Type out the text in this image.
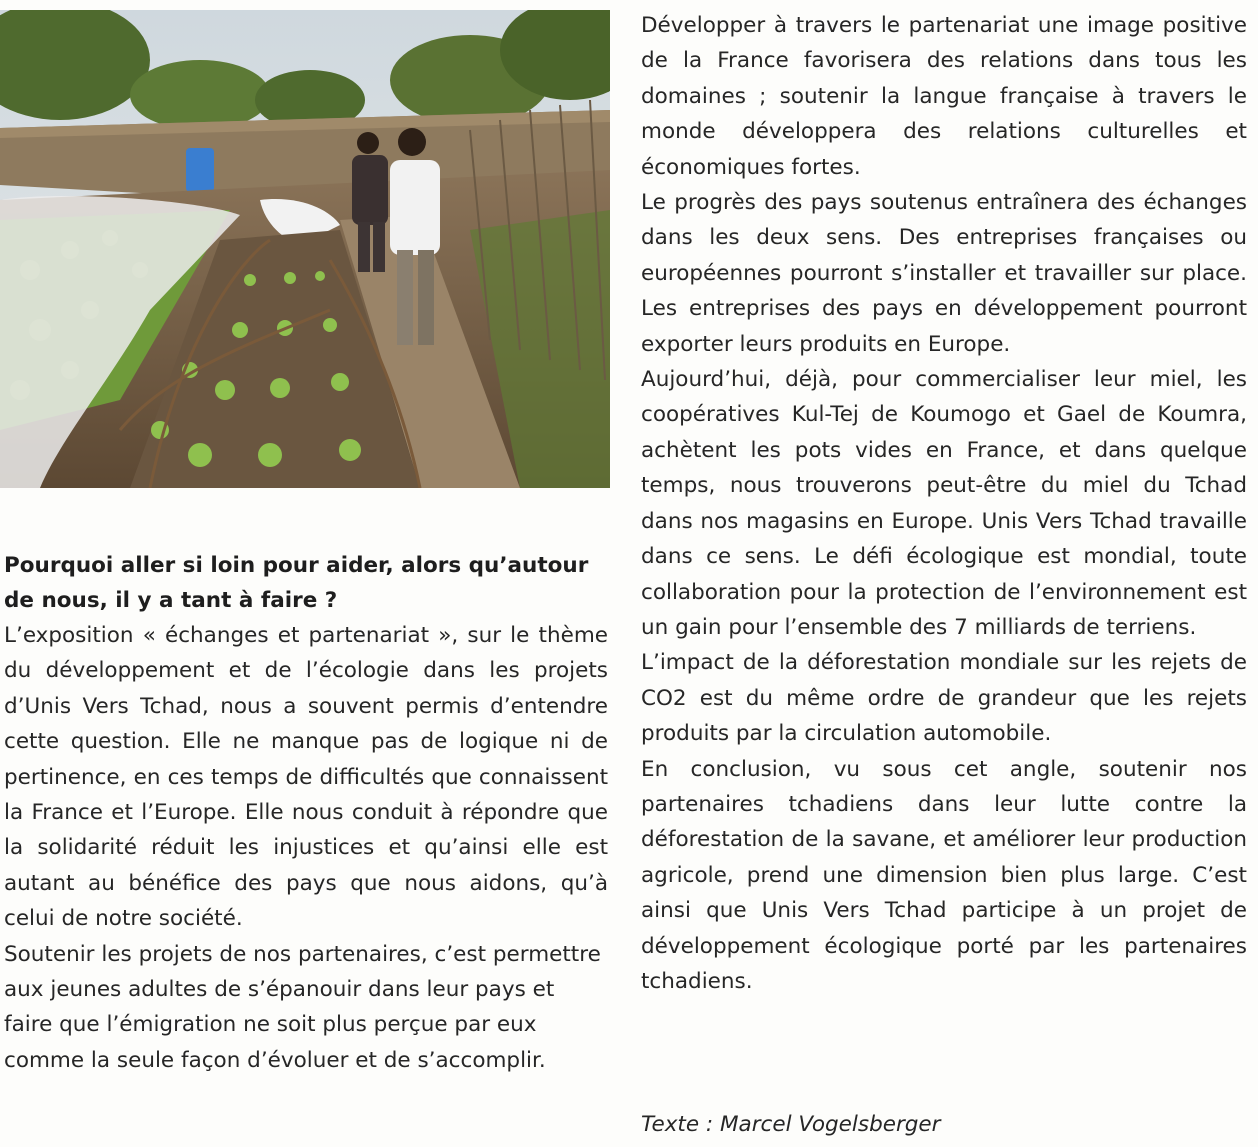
Pourquoi aller si loin pour aider, alors qu’autour de nous, il y a tant à faire ?

L’exposition « échanges et partenariat », sur le thème du développement et de l’écologie dans les projets d’Unis Vers Tchad, nous a souvent permis d’entendre cette question. Elle ne manque pas de logique ni de pertinence, en ces temps de difficultés que connaissent la France et l’Europe. Elle nous conduit à répondre que la solidarité réduit les injustices et qu’ainsi elle est autant au bénéfice des pays que nous aidons, qu’à celui de notre société.

Soutenir les projets de nos partenaires, c’est permettre aux jeunes adultes de s’épanouir dans leur pays et faire que l’émigration ne soit plus perçue par eux comme la seule façon d’évoluer et de s’accomplir.

Développer à travers le partenariat une image positive de la France favorisera des relations dans tous les domaines ; soutenir la langue française à travers le monde développera des relations culturelles et économiques fortes.

Le progrès des pays soutenus entraînera des échanges dans les deux sens. Des entreprises françaises ou européennes pourront s’installer et travailler sur place. Les entreprises des pays en développement pourront exporter leurs produits en Europe.

Aujourd’hui, déjà, pour commercialiser leur miel, les coopératives Kul-Tej de Koumogo et Gael de Koumra, achètent les pots vides en France, et dans quelque temps, nous trouverons peut-être du miel du Tchad dans nos magasins en Europe. Unis Vers Tchad travaille dans ce sens. Le défi écologique est mondial, toute collaboration pour la protection de l’environnement est un gain pour l’ensemble des 7 milliards de terriens.

L’impact de la déforestation mondiale sur les rejets de CO2 est du même ordre de grandeur que les rejets produits par la circulation automobile.

En conclusion, vu sous cet angle, soutenir nos partenaires tchadiens dans leur lutte contre la déforestation de la savane, et améliorer leur production agricole, prend une dimension bien plus large. C’est ainsi que Unis Vers Tchad participe à un projet de développement écologique porté par les partenaires tchadiens.

Texte : Marcel Vogelsberger
